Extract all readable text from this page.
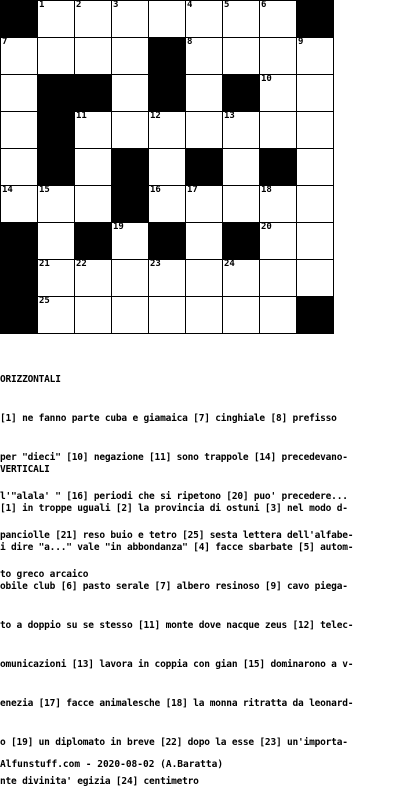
1	2	3	4	5	6
7	8	9
10
11	12	13
14	15	16	17	18
19	20
21	22	23	24
25

ORIZZONTALI

[1] ne fanno parte cuba e giamaica [7] cinghiale [8] prefisso

per "dieci" [10] negazione [11] sono trappole [14] precedevano-

l'"alala' " [16] periodi che si ripetono [20] puo' precedere...

panciolle [21] reso buio e tetro [25] sesta lettera dell'alfabe-

to greco arcaico

VERTICALI

[1] in troppe uguali [2] la provincia di ostuni [3] nel modo d-

i dire "a..." vale "in abbondanza" [4] facce sbarbate [5] autom-

obile club [6] pasto serale [7] albero resinoso [9] cavo piega-

to a doppio su se stesso [11] monte dove nacque zeus [12] telec-

omunicazioni [13] lavora in coppia con gian [15] dominarono a v-

enezia [17] facce animalesche [18] la monna ritratta da leonard-

o [19] un diplomato in breve [22] dopo la esse [23] un'importa-

nte divinita' egizia [24] centimetro

Alfunstuff.com - 2020-08-02 (A.Baratta)
